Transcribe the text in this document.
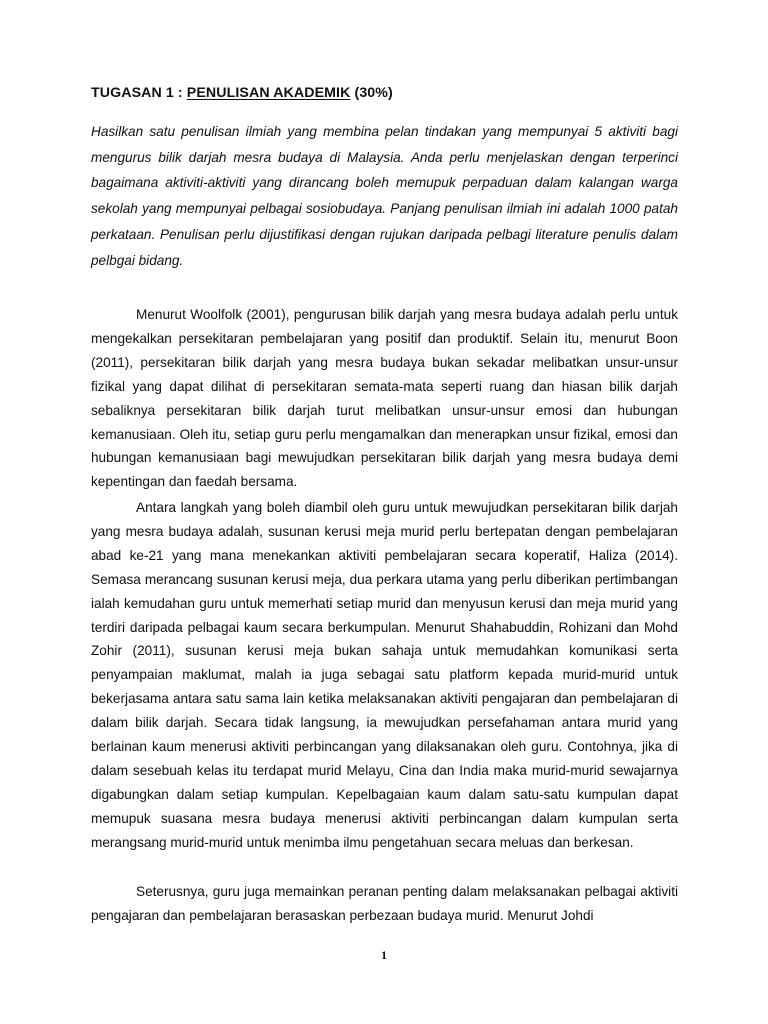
TUGASAN 1 : PENULISAN AKADEMIK (30%)

Hasilkan satu penulisan ilmiah yang membina pelan tindakan yang mempunyai 5 aktiviti bagi mengurus bilik darjah mesra budaya di Malaysia. Anda perlu menjelaskan dengan terperinci bagaimana aktiviti-aktiviti yang dirancang boleh memupuk perpaduan dalam kalangan warga sekolah yang mempunyai pelbagai sosiobudaya. Panjang penulisan ilmiah ini adalah 1000 patah perkataan. Penulisan perlu dijustifikasi dengan rujukan daripada pelbagi literature penulis dalam pelbgai bidang.

Menurut Woolfolk (2001), pengurusan bilik darjah yang mesra budaya adalah perlu untuk mengekalkan persekitaran pembelajaran yang positif dan produktif. Selain itu, menurut Boon (2011), persekitaran bilik darjah yang mesra budaya bukan sekadar melibatkan unsur-unsur fizikal yang dapat dilihat di persekitaran semata-mata seperti ruang dan hiasan bilik darjah sebaliknya persekitaran bilik darjah turut melibatkan unsur-unsur emosi dan hubungan kemanusiaan. Oleh itu, setiap guru perlu mengamalkan dan menerapkan unsur fizikal, emosi dan hubungan kemanusiaan bagi mewujudkan persekitaran bilik darjah yang mesra budaya demi kepentingan dan faedah bersama.

Antara langkah yang boleh diambil oleh guru untuk mewujudkan persekitaran bilik darjah yang mesra budaya adalah, susunan kerusi meja murid perlu bertepatan dengan pembelajaran abad ke-21 yang mana menekankan aktiviti pembelajaran secara koperatif, Haliza (2014). Semasa merancang susunan kerusi meja, dua perkara utama yang perlu diberikan pertimbangan ialah kemudahan guru untuk memerhati setiap murid dan menyusun kerusi dan meja murid yang terdiri daripada pelbagai kaum secara berkumpulan. Menurut Shahabuddin, Rohizani dan Mohd Zohir (2011), susunan kerusi meja bukan sahaja untuk memudahkan komunikasi serta penyampaian maklumat, malah ia juga sebagai satu platform kepada murid-murid untuk bekerjasama antara satu sama lain ketika melaksanakan aktiviti pengajaran dan pembelajaran di dalam bilik darjah. Secara tidak langsung, ia mewujudkan persefahaman antara murid yang berlainan kaum menerusi aktiviti perbincangan yang dilaksanakan oleh guru. Contohnya, jika di dalam sesebuah kelas itu terdapat murid Melayu, Cina dan India maka murid-murid sewajarnya digabungkan dalam setiap kumpulan. Kepelbagaian kaum dalam satu-satu kumpulan dapat memupuk suasana mesra budaya menerusi aktiviti perbincangan dalam kumpulan serta merangsang murid-murid untuk menimba ilmu pengetahuan secara meluas dan berkesan.

Seterusnya, guru juga memainkan peranan penting dalam melaksanakan pelbagai aktiviti pengajaran dan pembelajaran berasaskan perbezaan budaya murid. Menurut Johdi

1
